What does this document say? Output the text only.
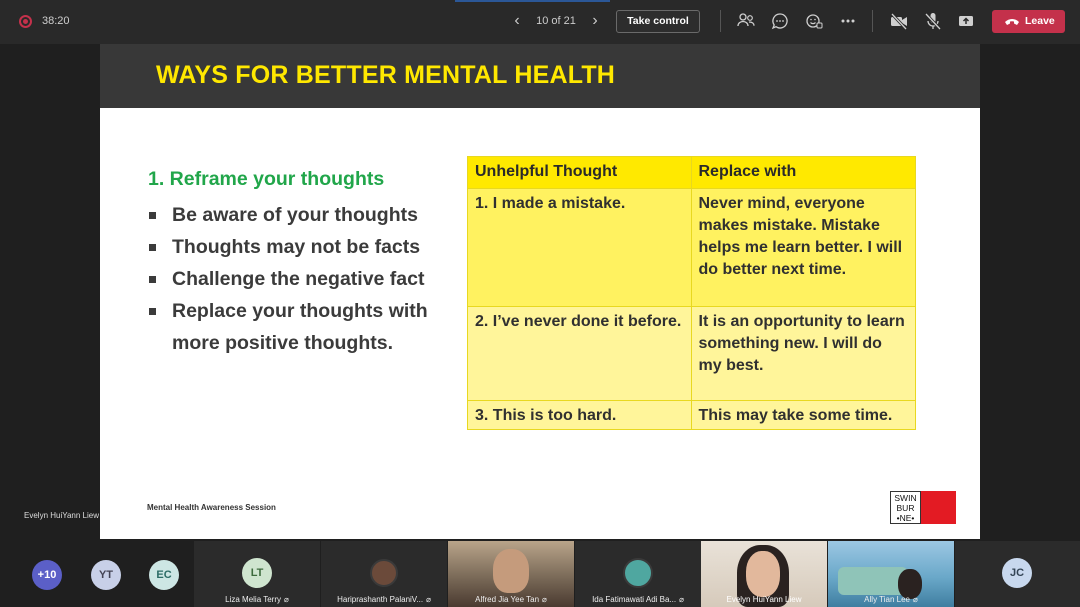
38:20	‹	10 of 21	›	Take control	Leave
WAYS FOR BETTER MENTAL HEALTH
1. Reframe your thoughts
Be aware of your thoughts
Thoughts may not be facts
Challenge the negative fact
Replace your thoughts with more positive thoughts.
Unhelpful Thought	Replace with
1. I made a mistake.	Never mind, everyone makes mistake. Mistake helps me learn better. I will do better next time.
2. I’ve never done it before.	It is an opportunity to learn something new. I will do my best.
3. This is too hard.	This may take some time.
Mental Health Awareness Session
SWIN
BUR
•NE•
Evelyn HuiYann Liew
+10	YT	EC	LT
Liza Melia Terry ⌀	Hariprashanth PalaniV... ⌀	Alfred Jia Yee Tan ⌀	Ida Fatimawati Adi Ba... ⌀	Evelyn HuiYann Liew	Ally Tian Lee ⌀
JC
